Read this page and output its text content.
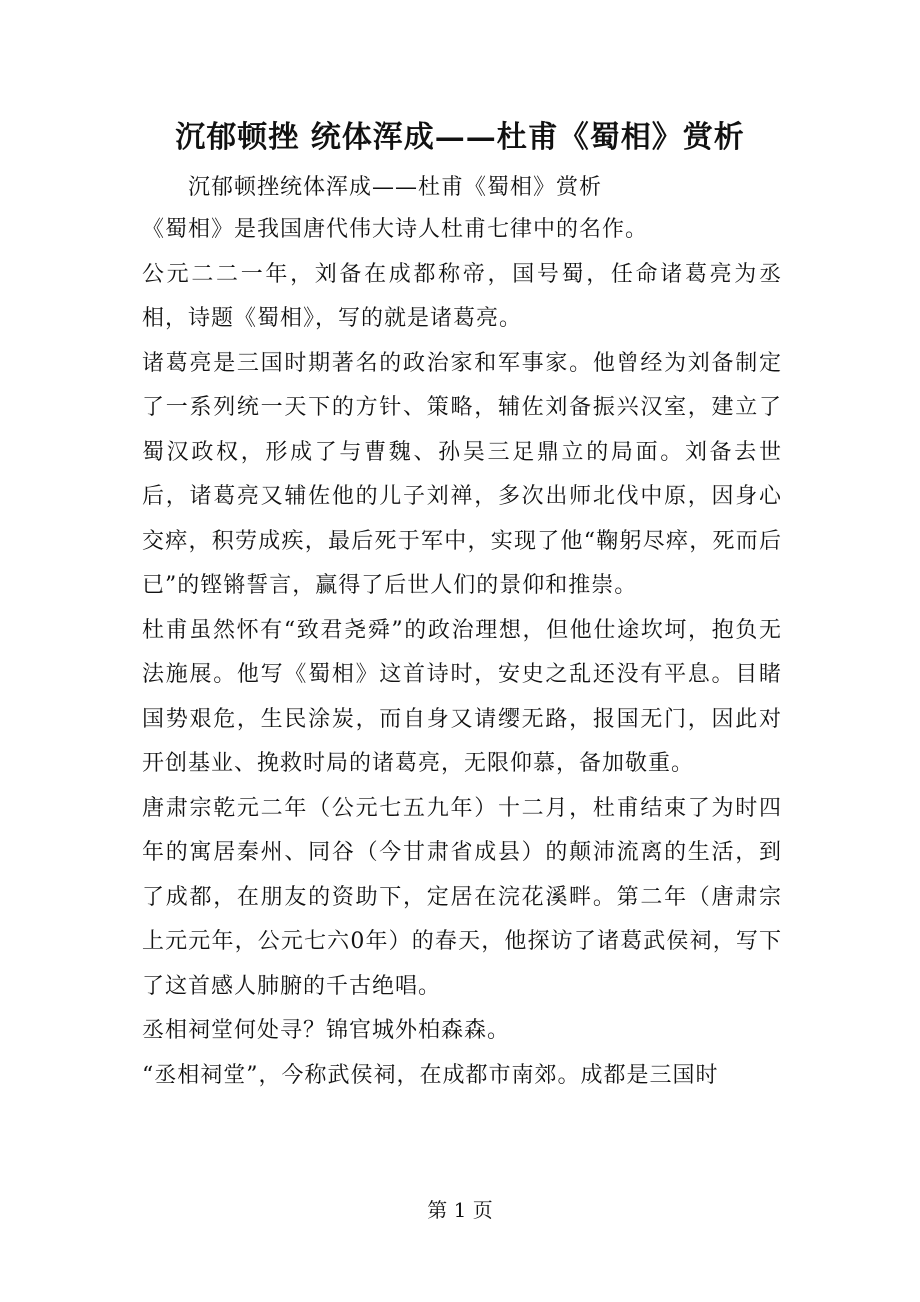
沉郁顿挫 统体浑成——杜甫《蜀相》赏析
沉郁顿挫统体浑成——杜甫《蜀相》赏析

《蜀相》是我国唐代伟大诗人杜甫七律中的名作。

公元二二一年，刘备在成都称帝，国号蜀，任命诸葛亮为丞相，诗题《蜀相》，写的就是诸葛亮。

诸葛亮是三国时期著名的政治家和军事家。他曾经为刘备制定了一系列统一天下的方针、策略，辅佐刘备振兴汉室，建立了蜀汉政权，形成了与曹魏、孙吴三足鼎立的局面。刘备去世后，诸葛亮又辅佐他的儿子刘禅，多次出师北伐中原，因身心交瘁，积劳成疾，最后死于军中，实现了他“鞠躬尽瘁，死而后已”的铿锵誓言，赢得了后世人们的景仰和推崇。

杜甫虽然怀有“致君尧舜”的政治理想，但他仕途坎坷，抱负无法施展。他写《蜀相》这首诗时，安史之乱还没有平息。目睹国势艰危，生民涂炭，而自身又请缨无路，报国无门，因此对开创基业、挽救时局的诸葛亮，无限仰慕，备加敬重。

唐肃宗乾元二年（公元七五九年）十二月，杜甫结束了为时四年的寓居秦州、同谷（今甘肃省成县）的颠沛流离的生活，到了成都，在朋友的资助下，定居在浣花溪畔。第二年（唐肃宗上元元年，公元七六0年）的春天，他探访了诸葛武侯祠，写下了这首感人肺腑的千古绝唱。

丞相祠堂何处寻？锦官城外柏森森。

“丞相祠堂”，今称武侯祠，在成都市南郊。成都是三国时

第 1 页
